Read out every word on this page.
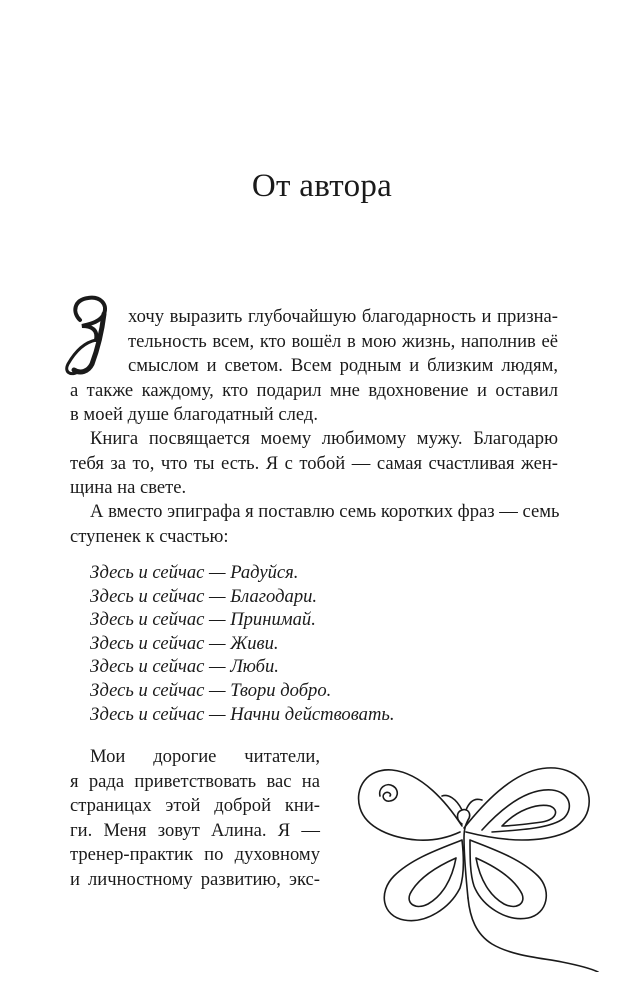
От автора
хочу выразить глубочайшую благодарность и призна-
тельность всем, кто вошёл в мою жизнь, наполнив её
смыслом и светом. Всем родным и близким людям,
а также каждому, кто подарил мне вдохновение и оставил
в моей душе благодатный след.
Книга посвящается моему любимому мужу. Благодарю
тебя за то, что ты есть. Я с тобой — самая счастливая жен-
щина на свете.
А вместо эпиграфа я поставлю семь коротких фраз — семь
ступенек к счастью:
Здесь и сейчас — Радуйся.
Здесь и сейчас — Благодари.
Здесь и сейчас — Принимай.
Здесь и сейчас — Живи.
Здесь и сейчас — Люби.
Здесь и сейчас — Твори добро.
Здесь и сейчас — Начни действовать.
Мои дорогие читатели,
я рада приветствовать вас на
страницах этой доброй кни-
ги. Меня зовут Алина. Я —
тренер-практик по духовному
и личностному развитию, экс-
